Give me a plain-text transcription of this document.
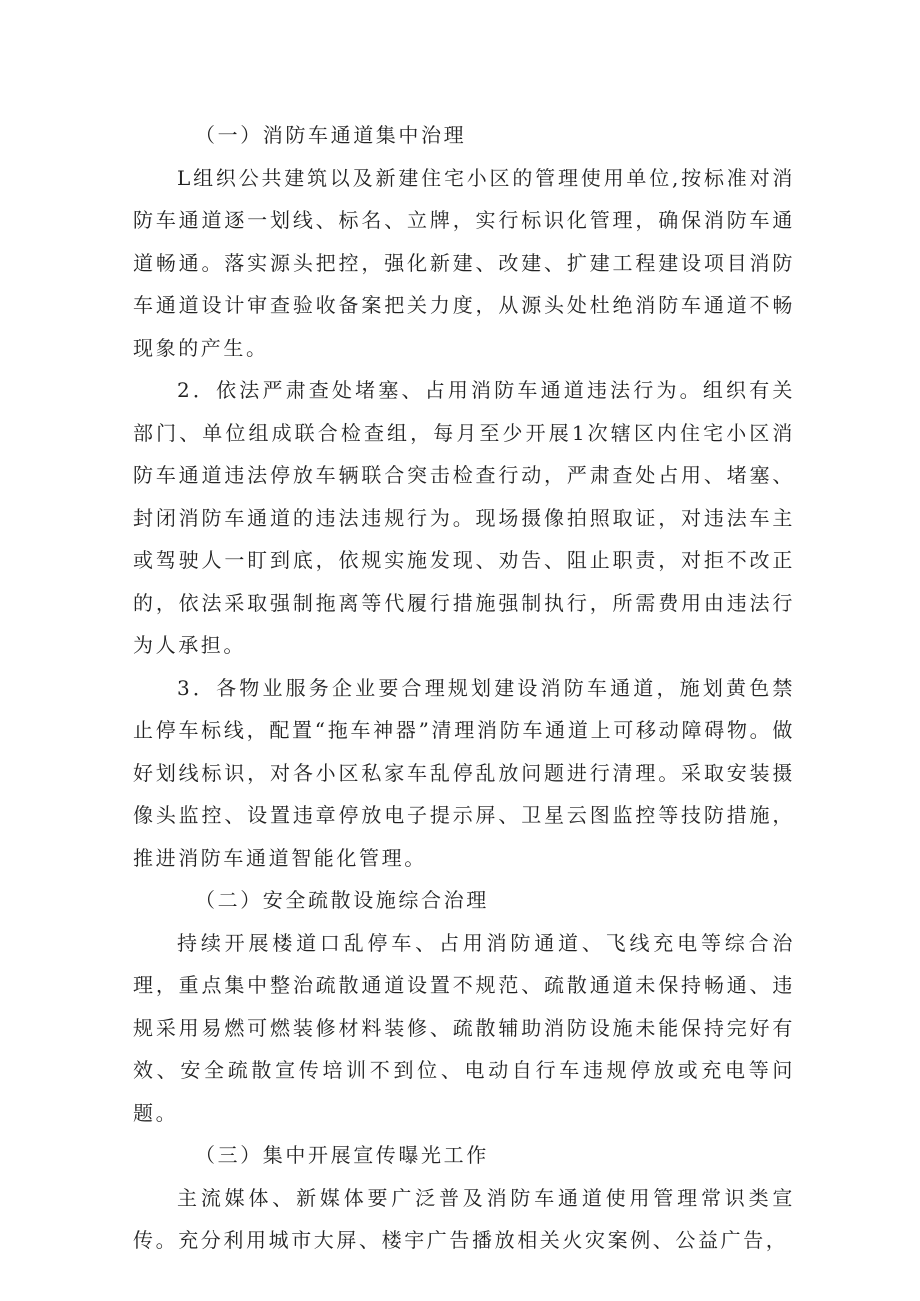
（一）消防车通道集中治理

L组织公共建筑以及新建住宅小区的管理使用单位,按标准对消防车通道逐一划线、标名、立牌，实行标识化管理，确保消防车通道畅通。落实源头把控，强化新建、改建、扩建工程建设项目消防车通道设计审查验收备案把关力度，从源头处杜绝消防车通道不畅现象的产生。

2．依法严肃查处堵塞、占用消防车通道违法行为。组织有关部门、单位组成联合检查组，每月至少开展1次辖区内住宅小区消防车通道违法停放车辆联合突击检查行动，严肃查处占用、堵塞、封闭消防车通道的违法违规行为。现场摄像拍照取证，对违法车主或驾驶人一盯到底，依规实施发现、劝告、阻止职责，对拒不改正的，依法采取强制拖离等代履行措施强制执行，所需费用由违法行为人承担。

3．各物业服务企业要合理规划建设消防车通道，施划黄色禁止停车标线，配置“拖车神器”清理消防车通道上可移动障碍物。做好划线标识，对各小区私家车乱停乱放问题进行清理。采取安装摄像头监控、设置违章停放电子提示屏、卫星云图监控等技防措施，推进消防车通道智能化管理。

（二）安全疏散设施综合治理

持续开展楼道口乱停车、占用消防通道、飞线充电等综合治理，重点集中整治疏散通道设置不规范、疏散通道未保持畅通、违规采用易燃可燃装修材料装修、疏散辅助消防设施未能保持完好有效、安全疏散宣传培训不到位、电动自行车违规停放或充电等问题。

（三）集中开展宣传曝光工作

主流媒体、新媒体要广泛普及消防车通道使用管理常识类宣传。充分利用城市大屏、楼宇广告播放相关火灾案例、公益广告，
